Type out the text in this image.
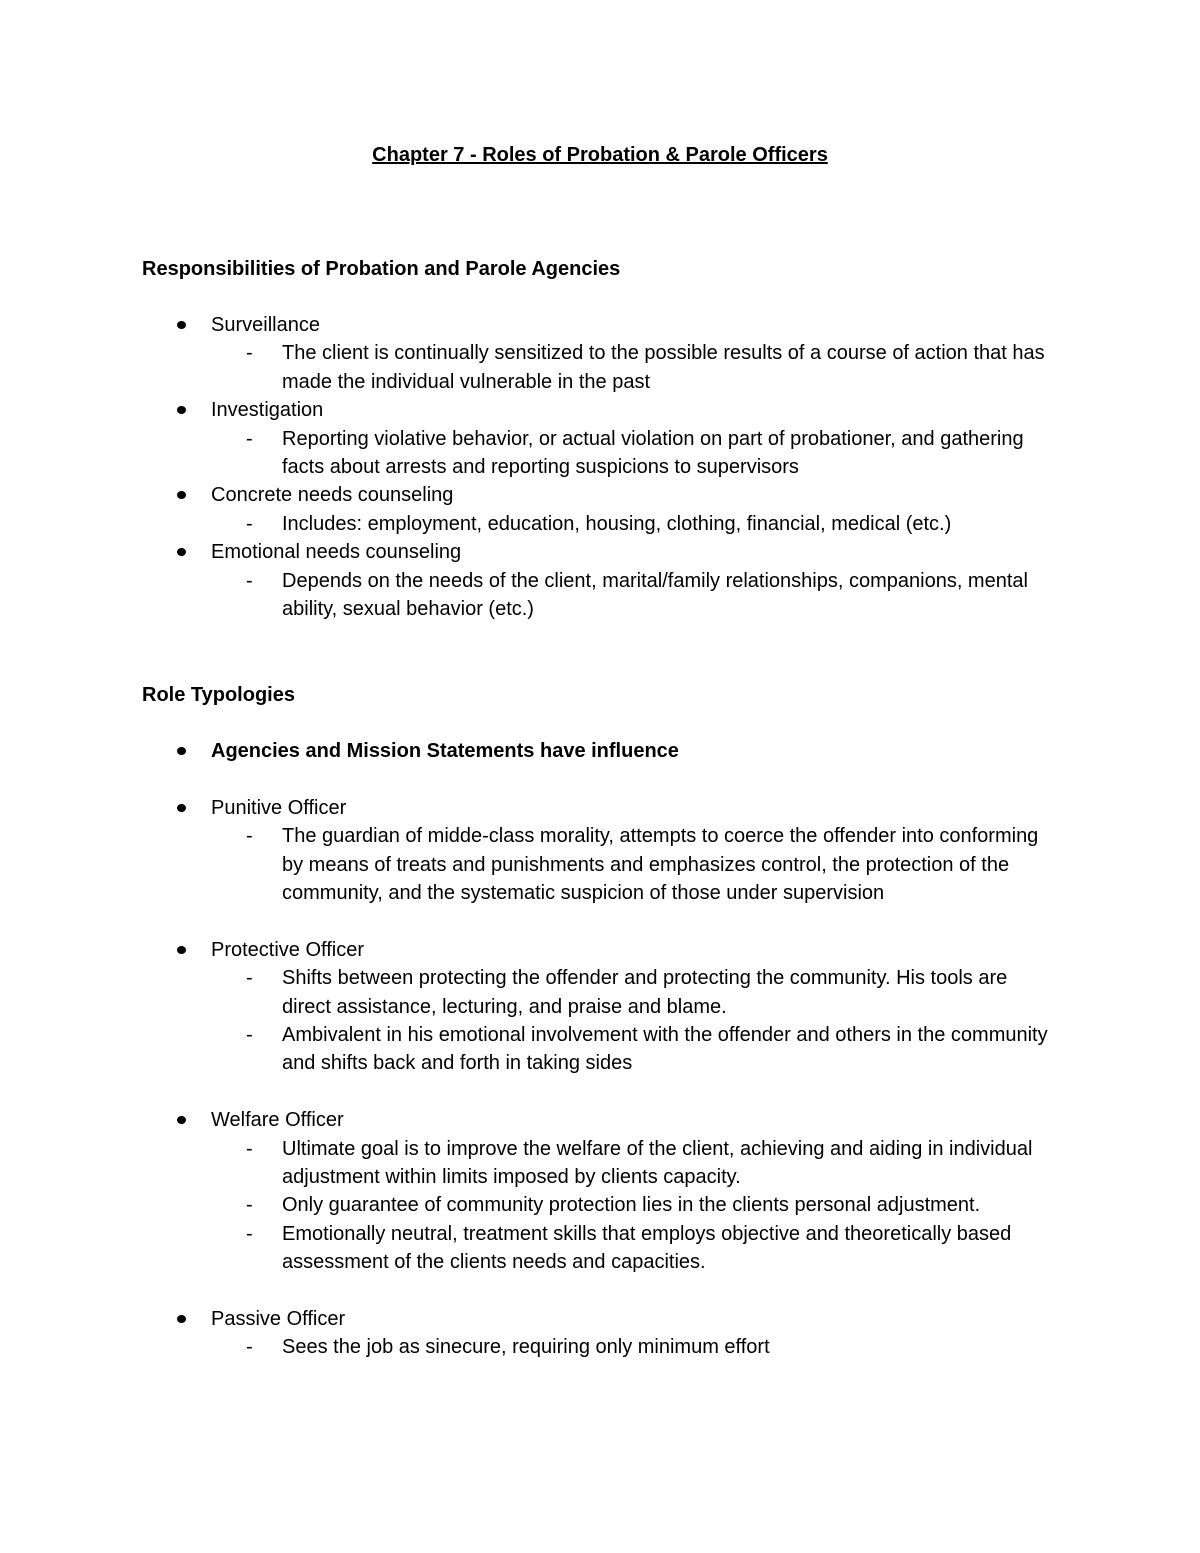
Chapter 7 - Roles of Probation & Parole Officers
Responsibilities of Probation and Parole Agencies
Surveillance
- The client is continually sensitized to the possible results of a course of action that has made the individual vulnerable in the past
Investigation
- Reporting violative behavior, or actual violation on part of probationer, and gathering facts about arrests and reporting suspicions to supervisors
Concrete needs counseling
- Includes: employment, education, housing, clothing, financial, medical (etc.)
Emotional needs counseling
- Depends on the needs of the client, marital/family relationships, companions, mental ability, sexual behavior (etc.)
Role Typologies
Agencies and Mission Statements have influence
Punitive Officer
- The guardian of midde-class morality, attempts to coerce the offender into conforming by means of treats and punishments and emphasizes control, the protection of the community, and the systematic suspicion of those under supervision
Protective Officer
- Shifts between protecting the offender and protecting the community. His tools are direct assistance, lecturing, and praise and blame.
- Ambivalent in his emotional involvement with the offender and others in the community and shifts back and forth in taking sides
Welfare Officer
- Ultimate goal is to improve the welfare of the client, achieving and aiding in individual adjustment within limits imposed by clients capacity.
- Only guarantee of community protection lies in the clients personal adjustment.
- Emotionally neutral, treatment skills that employs objective and theoretically based assessment of the clients needs and capacities.
Passive Officer
- Sees the job as sinecure, requiring only minimum effort
